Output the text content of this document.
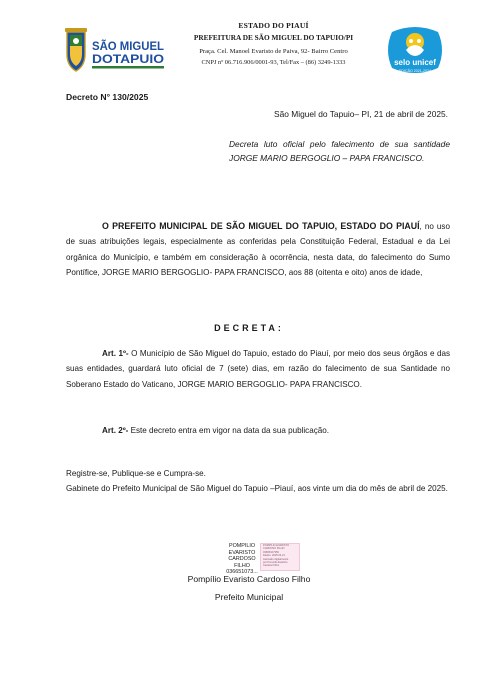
SÃO MIGUEL
DOTAPUIO
ESTADO DO PIAUÍ
PREFEITURA DE SÃO MIGUEL DO TAPUIO/PI
Praça. Cel. Manoel Evaristo de Paiva, 92- Bairro Centro
CNPJ nº 06.716.906/0001-93, Tel/Fax – (86) 3249-1333	selo unicef
EDIÇÃO 2021-2024
Decreto N° 130/2025
São Miguel do Tapuio– PI, 21 de abril de 2025.
Decreta luto oficial pelo falecimento de sua santidade JORGE MARIO BERGOGLIO – PAPA FRANCISCO.
O PREFEITO MUNICIPAL DE SÃO MIGUEL DO TAPUIO, ESTADO DO PIAUÍ, no uso de suas atribuições legais, especialmente as conferidas pela Constituição Federal, Estadual e da Lei orgânica do Município, e também em consideração à ocorrência, nesta data, do falecimento do Sumo Pontífice, JORGE MARIO BERGOGLIO- PAPA FRANCISCO, aos 88 (oitenta e oito) anos de idade,
DECRETA:
Art. 1º- O Município de São Miguel do Tapuio, estado do Piauí, por meio dos seus órgãos e das suas entidades, guardará luto oficial de 7 (sete) dias, em razão do falecimento de sua Santidade no Soberano Estado do Vaticano, JORGE MARIO BERGOGLIO- PAPA FRANCISCO.
Art. 2º- Este decreto entra em vigor na data da sua publicação.
Registre-se, Publique-se e Cumpra-se.
Gabinete do Prefeito Municipal de São Miguel do Tapuio –Piauí, aos vinte um dia do mês de abril de 2025.
POMPILIO
EVARISTO
CARDOSO FILHO
036651073...
POMPILIO EVARISTO
CARDOSO FILHO
03665107356
Dados: 2025.04.21
Assinado digitalmente
por Pompilio Evaristo
Cardoso Filho
Pompílio Evaristo Cardoso Filho
Prefeito Municipal
